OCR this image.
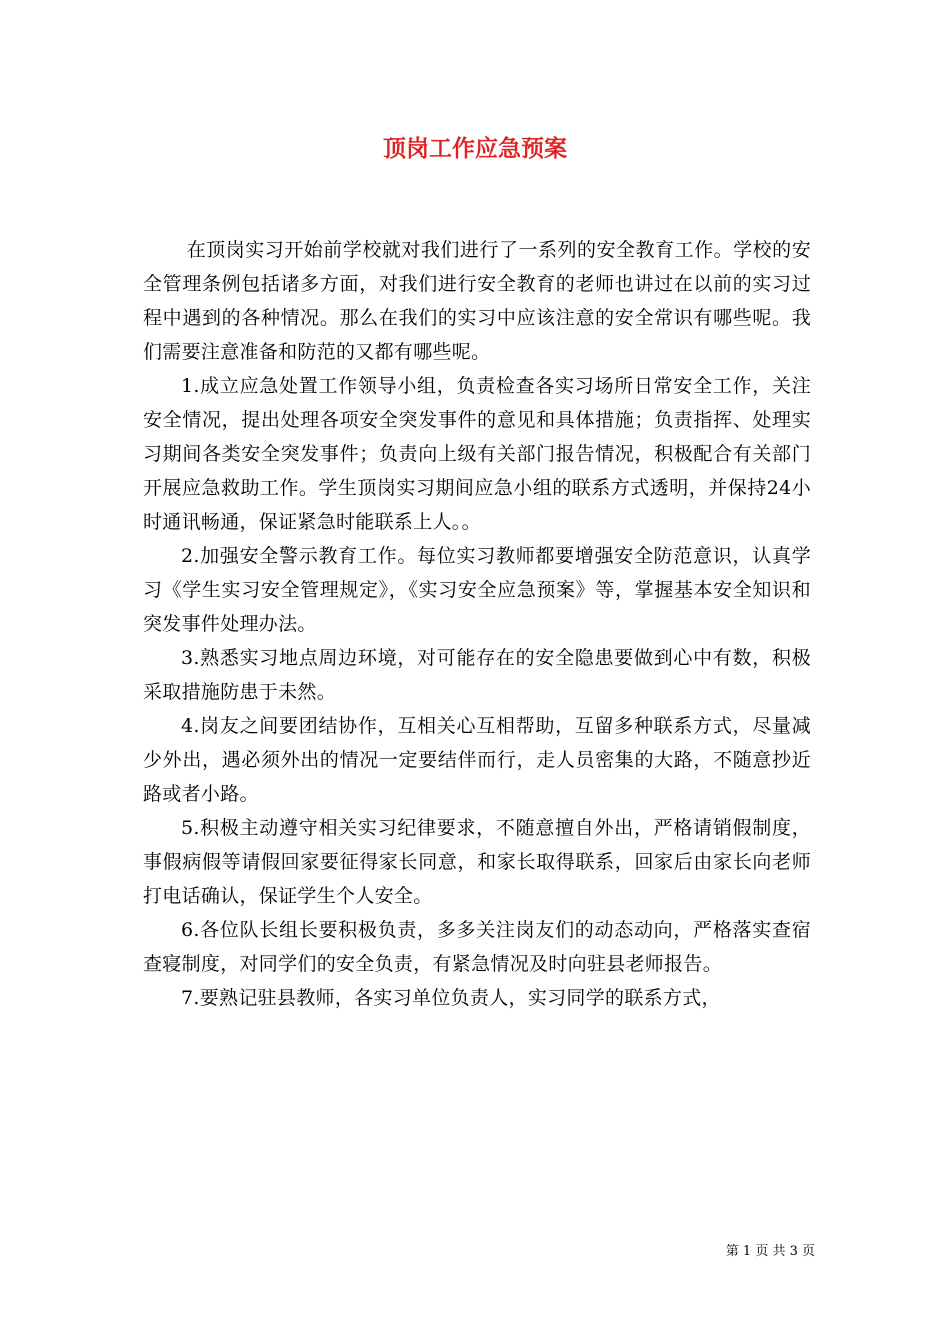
顶岗工作应急预案

在顶岗实习开始前学校就对我们进行了一系列的安全教育工作。学校的安全管理条例包括诸多方面，对我们进行安全教育的老师也讲过在以前的实习过程中遇到的各种情况。那么在我们的实习中应该注意的安全常识有哪些呢。我们需要注意准备和防范的又都有哪些呢。

1.成立应急处置工作领导小组，负责检查各实习场所日常安全工作，关注安全情况，提出处理各项安全突发事件的意见和具体措施；负责指挥、处理实习期间各类安全突发事件；负责向上级有关部门报告情况，积极配合有关部门开展应急救助工作。学生顶岗实习期间应急小组的联系方式透明，并保持24小时通讯畅通，保证紧急时能联系上人。。

2.加强安全警示教育工作。每位实习教师都要增强安全防范意识，认真学习《学生实习安全管理规定》，《实习安全应急预案》等，掌握基本安全知识和突发事件处理办法。

3.熟悉实习地点周边环境，对可能存在的安全隐患要做到心中有数，积极采取措施防患于未然。

4.岗友之间要团结协作，互相关心互相帮助，互留多种联系方式，尽量减少外出，遇必须外出的情况一定要结伴而行，走人员密集的大路，不随意抄近路或者小路。

5.积极主动遵守相关实习纪律要求，不随意擅自外出，严格请销假制度，事假病假等请假回家要征得家长同意，和家长取得联系，回家后由家长向老师打电话确认，保证学生个人安全。

6.各位队长组长要积极负责，多多关注岗友们的动态动向，严格落实查宿查寝制度，对同学们的安全负责，有紧急情况及时向驻县老师报告。

7.要熟记驻县教师，各实习单位负责人，实习同学的联系方式，

第 1 页 共 3 页
